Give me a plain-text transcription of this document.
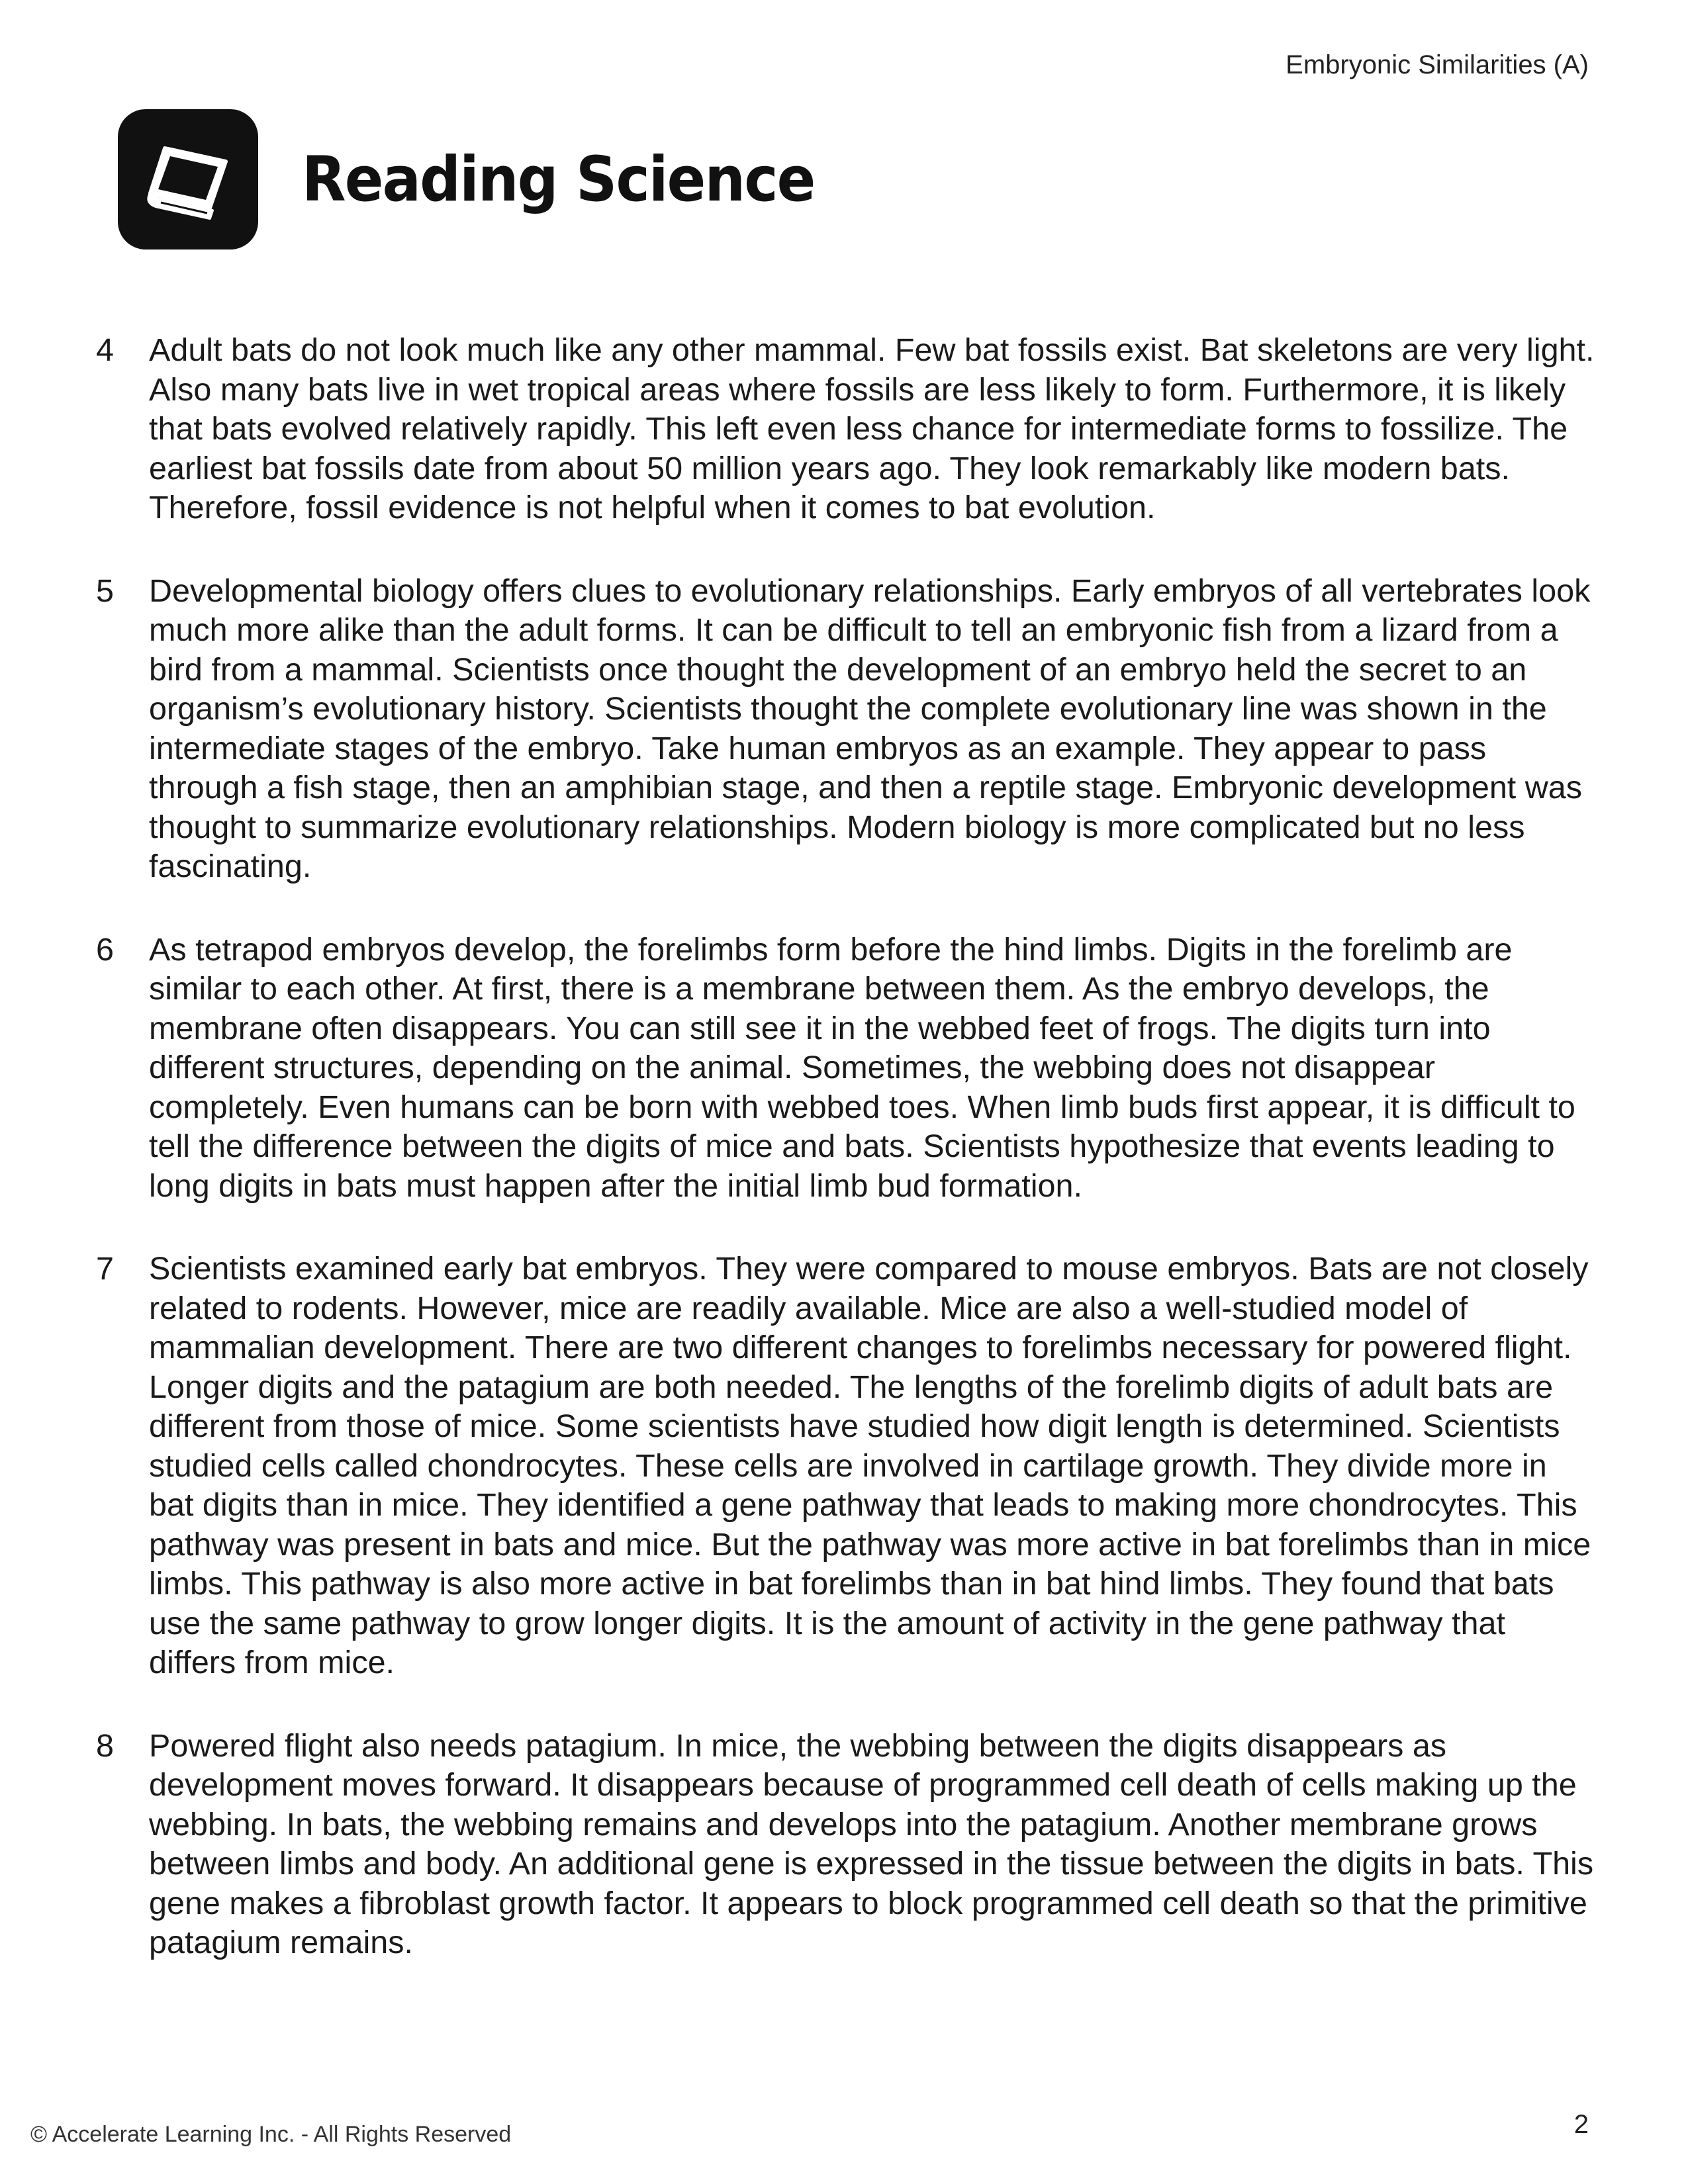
Embryonic Similarities (A)
Reading Science
4	Adult bats do not look much like any other mammal. Few bat fossils exist. Bat skeletons are very light. Also many bats live in wet tropical areas where fossils are less likely to form. Furthermore, it is likely that bats evolved relatively rapidly. This left even less chance for intermediate forms to fossilize. The earliest bat fossils date from about 50 million years ago. They look remarkably like modern bats. Therefore, fossil evidence is not helpful when it comes to bat evolution.
5	Developmental biology offers clues to evolutionary relationships. Early embryos of all vertebrates look much more alike than the adult forms. It can be difficult to tell an embryonic fish from a lizard from a bird from a mammal. Scientists once thought the development of an embryo held the secret to an organism’s evolutionary history. Scientists thought the complete evolutionary line was shown in the intermediate stages of the embryo. Take human embryos as an example. They appear to pass through a fish stage, then an amphibian stage, and then a reptile stage. Embryonic development was thought to summarize evolutionary relationships. Modern biology is more complicated but no less fascinating.
6	As tetrapod embryos develop, the forelimbs form before the hind limbs. Digits in the forelimb are similar to each other. At first, there is a membrane between them. As the embryo develops, the membrane often disappears. You can still see it in the webbed feet of frogs. The digits turn into different structures, depending on the animal. Sometimes, the webbing does not disappear completely. Even humans can be born with webbed toes. When limb buds first appear, it is difficult to tell the difference between the digits of mice and bats. Scientists hypothesize that events leading to long digits in bats must happen after the initial limb bud formation.
7	Scientists examined early bat embryos. They were compared to mouse embryos. Bats are not closely related to rodents. However, mice are readily available. Mice are also a well-studied model of mammalian development. There are two different changes to forelimbs necessary for powered flight. Longer digits and the patagium are both needed. The lengths of the forelimb digits of adult bats are different from those of mice. Some scientists have studied how digit length is determined. Scientists studied cells called chondrocytes. These cells are involved in cartilage growth. They divide more in bat digits than in mice. They identified a gene pathway that leads to making more chondrocytes. This pathway was present in bats and mice. But the pathway was more active in bat forelimbs than in mice limbs. This pathway is also more active in bat forelimbs than in bat hind limbs. They found that bats use the same pathway to grow longer digits. It is the amount of activity in the gene pathway that differs from mice.
8	Powered flight also needs patagium. In mice, the webbing between the digits disappears as development moves forward. It disappears because of programmed cell death of cells making up the webbing. In bats, the webbing remains and develops into the patagium. Another membrane grows between limbs and body. An additional gene is expressed in the tissue between the digits in bats. This gene makes a fibroblast growth factor. It appears to block programmed cell death so that the primitive patagium remains.
2
© Accelerate Learning Inc. - All Rights Reserved
